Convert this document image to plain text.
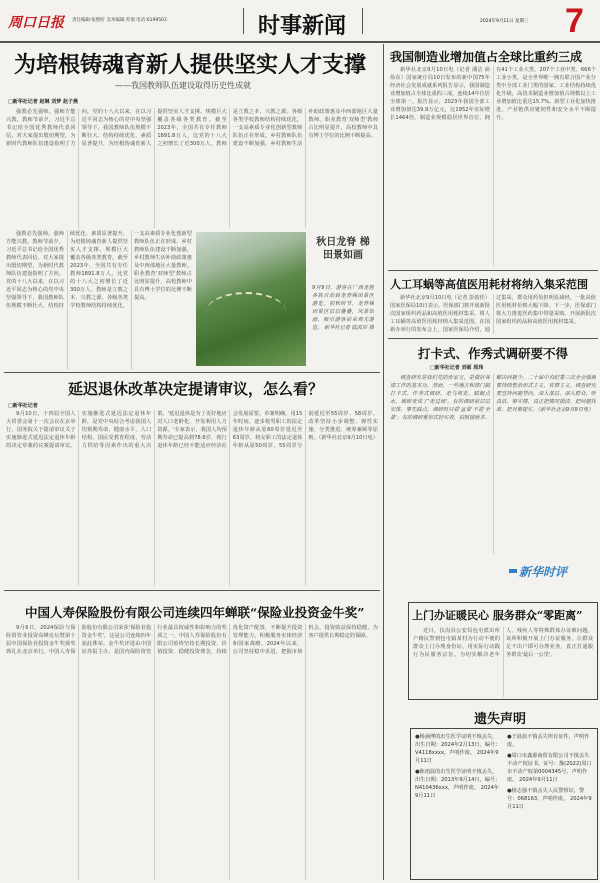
周口日报 责任编辑·张艳昕 美术编辑·苏瑞 电话:6199503	时事新闻	2024年9月11日 星期三 7
为培根铸魂育新人提供坚实人才支撑
——我国教师队伍建设取得历史性成就
□新华社记者 赵琳 刘梦 赵子燕
强教必先强师。强师方能兴教。教师节前夕，习近平总书记给全国优秀教师代表回信，对大家提出殷切期望，为新时代教师队伍建设指明了方向。党的十八大以来，在以习近平同志为核心的党中央坚强领导下，我国教师队伍规模不断壮大、结构持续优化、素质显著提升，为培根铸魂育新人提供坚实人才支撑。规模巨大 覆盖各级各类教育。截至2023年，全国共有专任教师1891.8万人，比党的十八大之初增长了近300万人。教师是立教之本、兴教之源。各级各类学校教师结构持续优化，一支高素质专业化创新型教师队伍正在形成。乡村教师队伍建设不断加强，乡村教师生活补助政策惠及中西部地区大量教师。职业教育'双师型'教师占比明显提升，高校教师中具有博士学位的比例不断提高。
强教必先强师。强师方能兴教。教师节前夕，习近平总书记给全国优秀教师代表回信，对大家提出殷切期望，为新时代教师队伍建设指明了方向。党的十八大以来，在以习近平同志为核心的党中央坚强领导下，我国教师队伍规模不断壮大、结构持续优化、素质显著提升，为培根铸魂育新人提供坚实人才支撑。规模巨大 覆盖各级各类教育。截至2023年，全国共有专任教师1891.8万人，比党的十八大之初增长了近300万人。教师是立教之本、兴教之源。各级各类学校教师结构持续优化，一支高素质专业化创新型教师队伍正在形成。乡村教师队伍建设不断加强，乡村教师生活补助政策惠及中西部地区大量教师。职业教育'双师型'教师占比明显提升，高校教师中具有博士学位的比例不断提高。
秋日龙脊 梯田景如画
9月9日，游客在广西龙胜各族自治县龙脊梯田景区游览。初秋时节，龙脊梯田景区层层叠叠，风景如画，吸引游客前来观光游览。 新华社记者 陆波岸 摄
延迟退休改革决定提请审议，怎么看？
□新华社记者
9月10日，十四届全国人大常委会第十一次会议在京举行，国务院关于提请审议关于实施渐进式延迟法定退休年龄的决定草案的议案提请审议。实施渐进式延迟法定退休年龄，是党中央综合考虑我国人均预期寿命、健康水平、人口结构、国民受教育程度、劳动力供给等因素作出的重大决策。'延迟退休是为了更好地应对人口老龄化、开发利用人力资源。'专家表示，我国人均预期寿命已提高到78.6岁，现行退休年龄已经不能适应经济社会发展需要。草案明确，用15年时间，逐步将男职工的法定退休年龄从原60周岁延迟至63周岁，将女职工的法定退休年龄从原50周岁、55周岁分别延迟至55周岁、58周岁。改革坚持小步调整、弹性实施、分类推进、统筹兼顾等原则。（新华社北京9月10日电）
中国人寿保险股份有限公司连续四年蝉联“保险业投资金牛奖”
9月6日，2024保险与保险资管业投资高峰论坛暨第十届中国保险业投资金牛奖颁奖典礼在北京举行。中国人寿保险股份有限公司荣获'保险业投资金牛奖'，这是公司连续四年获此殊荣。金牛奖评选由中国证券报主办，是国内保险资管行业最具权威性和影响力的奖项之一。中国人寿保险股份有限公司始终坚持长期投资、价值投资、稳健投资理念，持续优化资产配置，不断提升投资管理能力，积极服务实体经济和国家战略。2024年以来，公司坚持稳中求进，把握市场机会，投资收益保持稳健，为客户提供长期稳定的保障。
我国制造业增加值占全球比重约三成
新华社北京9月10日电（记者 潘洁 俞俭东）国家统计局10日发布的新中国75年经济社会发展成就系列报告显示，我国制造业增加值占全球比重约三成，连续14年位居全球第一。报告显示，2023年我国全部工业增加值达39.9万亿元，比1952年实际增长1464倍。制造业规模稳居世界首位，拥有41个工业大类、207个工业中类、666个工业小类，是全世界唯一拥有联合国产业分类中全部工业门类的国家。工业结构持续优化升级，高技术制造业增加值占规模以上工业增加值比重达15.7%。新型工业化加快推进，产业链供应链韧性和安全水平不断提升。
人工耳蜗等高值医用耗材将纳入集采范围
新华社北京9月10日电（记者 彭韵佳）国家医保局10日表示，医保部门将开展新批次国家组织药品和高值医用耗材集采，将人工耳蜗等高值医用耗材纳入集采范围。在国新办举行的发布会上，国家医保局介绍，通过集采，群众用药负担明显减轻，一批高值医用耗材价格大幅下降。下一步，医保部门将大力推进医药集中带量采购，开展新批次国家组织药品和高值医用耗材集采。
打卡式、作秀式调研要不得
□新华社记者 刘硕 周玮
调查研究是我们党的传家宝，是做好各项工作的基本功。然而，一些地方和部门搞打卡式、作秀式调研，走马观花、蜻蜓点水，调研变成了'走过场'。有的调研前层层安排、事先踩点，调研时只看'盆景'不看'全景'；有的调研重形式轻实效，拍照留痕多、解决问题少。二十届中央纪委三次全会强调要持续整治形式主义、官僚主义。调查研究要坚持问题导向，深入基层、深入群众，听真话、察实情，真正把情况摸清、把问题找准、把对策提实。（新华社北京9月9日电）
新华时评
上门办证暖民心 服务群众“零距离”
近日，扶沟县公安局包屯派出所户籍民警到包屯镇某村为行动不便的群众上门办理身份证，用实际行动践行为民服务宗旨。为切实解决老年人、残疾人等特殊群体办证难问题，该所积极开展上门办证服务，让群众足不出户即可办理业务，真正打通服务群众'最后一公里'。
遗失声明

●杨涵博的出生医学证明不慎丢失，出生日期：2024年2月13日，编号：V4118xxxx，声明作废。 2024年9月11日

●陈雨晨的出生医学证明不慎丢失，出生日期：2013年9月14日，编号：N410436xxx，声明作废。 2024年9月11日

●王晨晨不慎丢失所有证件，声明作废。

●周口市鑫源商贸有限公司不慎丢失不动产权证书，证号：豫(2022)周口市不动产权第0004345号，声明作废。 2024年9月11日

●杨志强不慎丢失人民警察证，警号：068163，声明作废。 2024年9月11日
